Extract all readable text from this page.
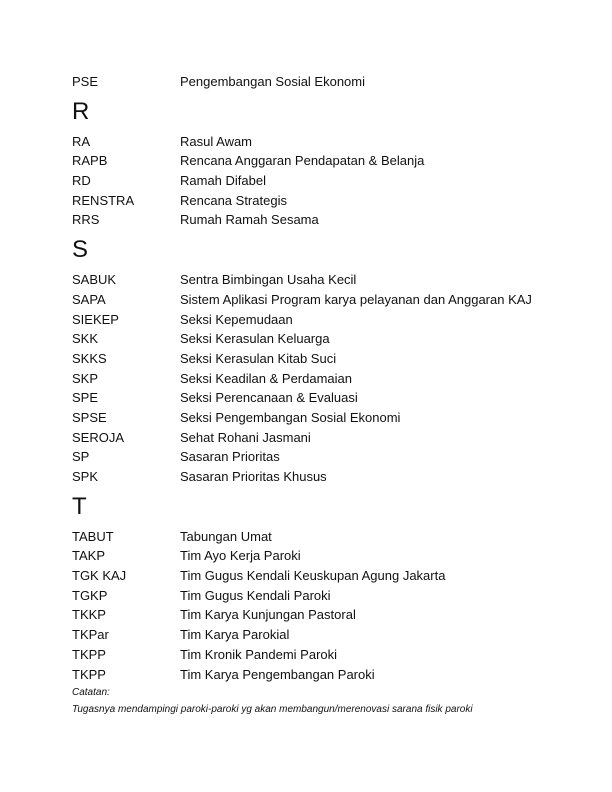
PSE	Pengembangan Sosial Ekonomi
R
RA	Rasul Awam
RAPB	Rencana Anggaran Pendapatan & Belanja
RD	Ramah Difabel
RENSTRA	Rencana Strategis
RRS	Rumah Ramah Sesama
S
SABUK	Sentra Bimbingan Usaha Kecil
SAPA	Sistem Aplikasi Program karya pelayanan dan Anggaran KAJ
SIEKEP	Seksi Kepemudaan
SKK	Seksi Kerasulan Keluarga
SKKS	Seksi Kerasulan Kitab Suci
SKP	Seksi Keadilan & Perdamaian
SPE	Seksi Perencanaan & Evaluasi
SPSE	Seksi Pengembangan Sosial Ekonomi
SEROJA	Sehat Rohani Jasmani
SP	Sasaran Prioritas
SPK	Sasaran Prioritas Khusus
T
TABUT	Tabungan Umat
TAKP	Tim Ayo Kerja Paroki
TGK KAJ	Tim Gugus Kendali Keuskupan Agung Jakarta
TGKP	Tim Gugus Kendali Paroki
TKKP	Tim Karya Kunjungan Pastoral
TKPar	Tim Karya Parokial
TKPP	Tim Kronik Pandemi Paroki
TKPP	Tim Karya Pengembangan Paroki
Catatan:
Tugasnya mendampingi paroki-paroki yg akan membangun/merenovasi sarana fisik paroki
